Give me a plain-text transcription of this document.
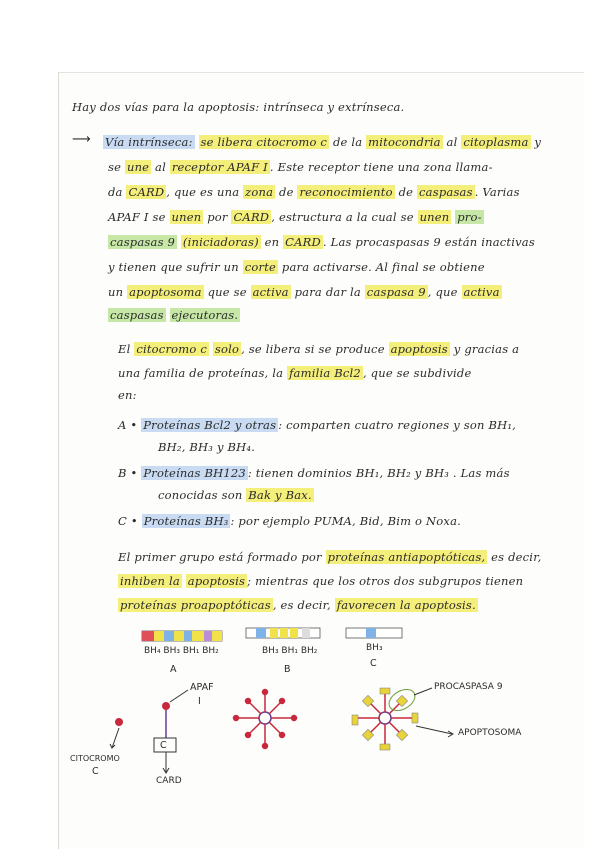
Hay dos vías para la apoptosis: intrínseca y extrínseca.
⟶ Vía intrínseca: se libera citocromo c de la mitocondria al citoplasma y
se une al receptor APAF I . Este receptor tiene una zona llama-
da CARD , que es una zona de reconocimiento de caspasas . Varias
APAF I se unen por CARD , estructura a la cual se unen pro-
caspasas 9 (iniciadoras) en CARD . Las procaspasas 9 están inactivas
y tienen que sufrir un corte para activarse. Al final se obtiene
un apoptosoma que se activa para dar la caspasa 9 , que activa
caspasas ejecutoras.
El citocromo c solo , se libera si se produce apoptosis y gracias a
una familia de proteínas, la familia Bcl2 , que se subdivide
en:
A • Proteínas Bcl2 y otras : comparten cuatro regiones y son BH₁,
BH₂, BH₃ y BH₄.
B • Proteínas BH123 : tienen dominios BH₁, BH₂ y BH₃ . Las más
conocidas son Bak y Bax.
C • Proteínas BH₃ : por ejemplo PUMA, Bid, Bim o Noxa.
El primer grupo está formado por proteínas antiapoptóticas, es decir,
inhiben la apoptosis ; mientras que los otros dos subgrupos tienen
proteínas proapoptóticas , es decir, favorecen la apoptosis.
BH₄ BH₃ BH₁ BH₂
A
BH₃ BH₁ BH₂
B
BH₃
C
APAF
I
C
CITOCROMO
C
CARD
PROCASPASA 9
APOPTOSOMA
